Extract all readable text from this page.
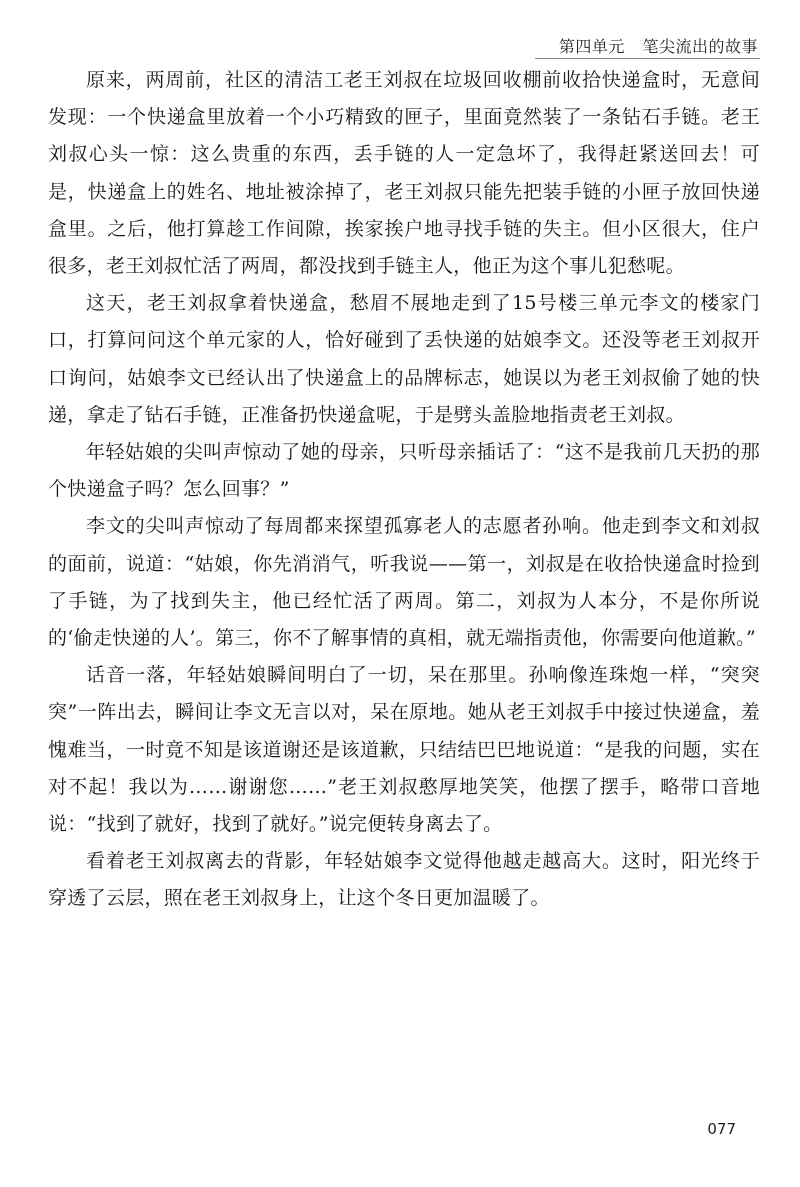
第四单元 笔尖流出的故事

原来，两周前，社区的清洁工老王刘叔在垃圾回收棚前收拾快递盒时，无意间发现：一个快递盒里放着一个小巧精致的匣子，里面竟然装了一条钻石手链。老王刘叔心头一惊：这么贵重的东西，丢手链的人一定急坏了，我得赶紧送回去！可是，快递盒上的姓名、地址被涂掉了，老王刘叔只能先把装手链的小匣子放回快递盒里。之后，他打算趁工作间隙，挨家挨户地寻找手链的失主。但小区很大，住户很多，老王刘叔忙活了两周，都没找到手链主人，他正为这个事儿犯愁呢。

这天，老王刘叔拿着快递盒，愁眉不展地走到了15号楼三单元李文的楼家门口，打算问问这个单元家的人，恰好碰到了丢快递的姑娘李文。还没等老王刘叔开口询问，姑娘李文已经认出了快递盒上的品牌标志，她误以为老王刘叔偷了她的快递，拿走了钻石手链，正准备扔快递盒呢，于是劈头盖脸地指责老王刘叔。

年轻姑娘的尖叫声惊动了她的母亲，只听母亲插话了：“这不是我前几天扔的那个快递盒子吗？怎么回事？”

李文的尖叫声惊动了每周都来探望孤寡老人的志愿者孙响。他走到李文和刘叔的面前，说道：“姑娘，你先消消气，听我说——第一，刘叔是在收拾快递盒时捡到了手链，为了找到失主，他已经忙活了两周。第二，刘叔为人本分，不是你所说的‘偷走快递的人’。第三，你不了解事情的真相，就无端指责他，你需要向他道歉。”

话音一落，年轻姑娘瞬间明白了一切，呆在那里。孙响像连珠炮一样，“突突突”一阵出去，瞬间让李文无言以对，呆在原地。她从老王刘叔手中接过快递盒，羞愧难当，一时竟不知是该道谢还是该道歉，只结结巴巴地说道：“是我的问题，实在对不起！我以为……谢谢您……”老王刘叔憨厚地笑笑，他摆了摆手，略带口音地说：“找到了就好，找到了就好。”说完便转身离去了。

看着老王刘叔离去的背影，年轻姑娘李文觉得他越走越高大。这时，阳光终于穿透了云层，照在老王刘叔身上，让这个冬日更加温暖了。

077
